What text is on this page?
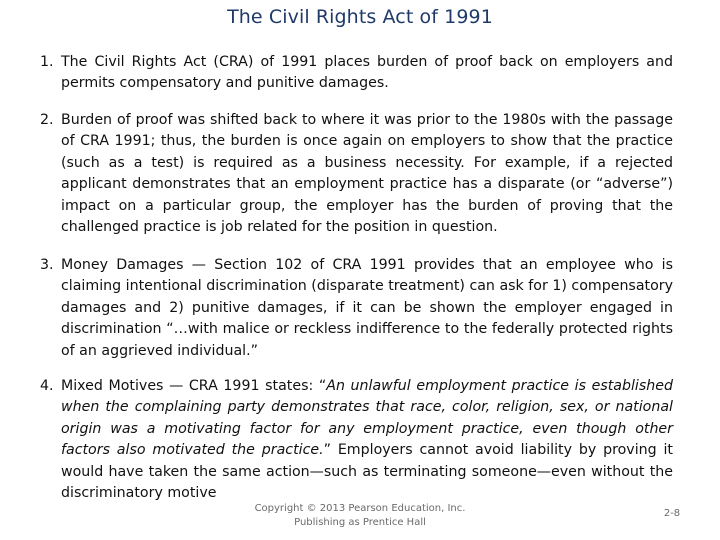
The Civil Rights Act of 1991
1. The Civil Rights Act (CRA) of 1991 places burden of proof back on employers and permits compensatory and punitive damages.
2. Burden of proof was shifted back to where it was prior to the 1980s with the passage of CRA 1991; thus, the burden is once again on employers to show that the practice (such as a test) is required as a business necessity. For example, if a rejected applicant demonstrates that an employment practice has a disparate (or “adverse”) impact on a particular group, the employer has the burden of proving that the challenged practice is job related for the position in question.
3. Money Damages — Section 102 of CRA 1991 provides that an employee who is claiming intentional discrimination (disparate treatment) can ask for 1) compensatory damages and 2) punitive damages, if it can be shown the employer engaged in discrimination “…with malice or reckless indifference to the federally protected rights of an aggrieved individual.”
4. Mixed Motives — CRA 1991 states: “An unlawful employment practice is established when the complaining party demonstrates that race, color, religion, sex, or national origin was a motivating factor for any employment practice, even though other factors also motivated the practice.” Employers cannot avoid liability by proving it would have taken the same action—such as terminating someone—even without the discriminatory motive
Copyright © 2013 Pearson Education, Inc.
Publishing as Prentice Hall
2-8
